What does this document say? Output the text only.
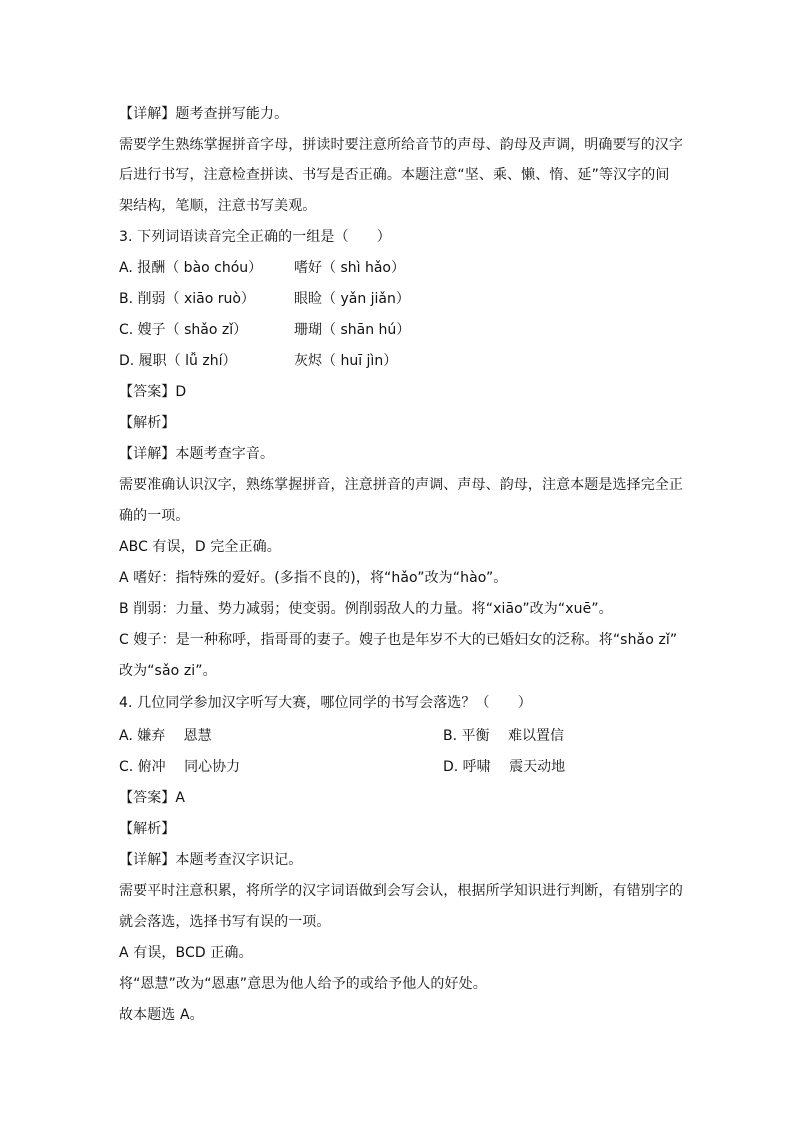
【详解】题考查拼写能力。
需要学生熟练掌握拼音字母，拼读时要注意所给音节的声母、韵母及声调，明确要写的汉字
后进行书写，注意检查拼读、书写是否正确。本题注意“坚、乘、懒、惰、延”等汉字的间
架结构，笔顺，注意书写美观。
3. 下列词语读音完全正确的一组是（　　）
A. 报酬（ bào chóu） 嗜好（ shì hǎo）
B. 削弱（ xiāo ruò）	眼睑（ yǎn jiǎn）
C. 嫂子（ shǎo zǐ）	珊瑚（ shān hú）
D. 履职（ lǚ zhí）	灰烬（ huī jìn）
【答案】D
【解析】
【详解】本题考查字音。
需要准确认识汉字，熟练掌握拼音，注意拼音的声调、声母、韵母，注意本题是选择完全正
确的一项。
ABC 有误，D 完全正确。
A 嗜好：指特殊的爱好。(多指不良的)，将“hǎo”改为“hào”。
B 削弱：力量、势力减弱；使变弱。例削弱敌人的力量。将“xiāo”改为“xuē”。
C 嫂子：是一种称呼，指哥哥的妻子。嫂子也是年岁不大的已婚妇女的泛称。将“shǎo zǐ”
改为“sǎo zi”。
4. 几位同学参加汉字听写大赛，哪位同学的书写会落选？（　　）
A. 嫌弃　 恩慧	B. 平衡　 难以置信
C. 俯冲　 同心协力	D. 呼啸　 震天动地
【答案】A
【解析】
【详解】本题考查汉字识记。
需要平时注意积累，将所学的汉字词语做到会写会认，根据所学知识进行判断，有错别字的
就会落选，选择书写有误的一项。
A 有误，BCD 正确。
将“恩慧”改为“恩惠”意思为他人给予的或给予他人的好处。
故本题选 A。
